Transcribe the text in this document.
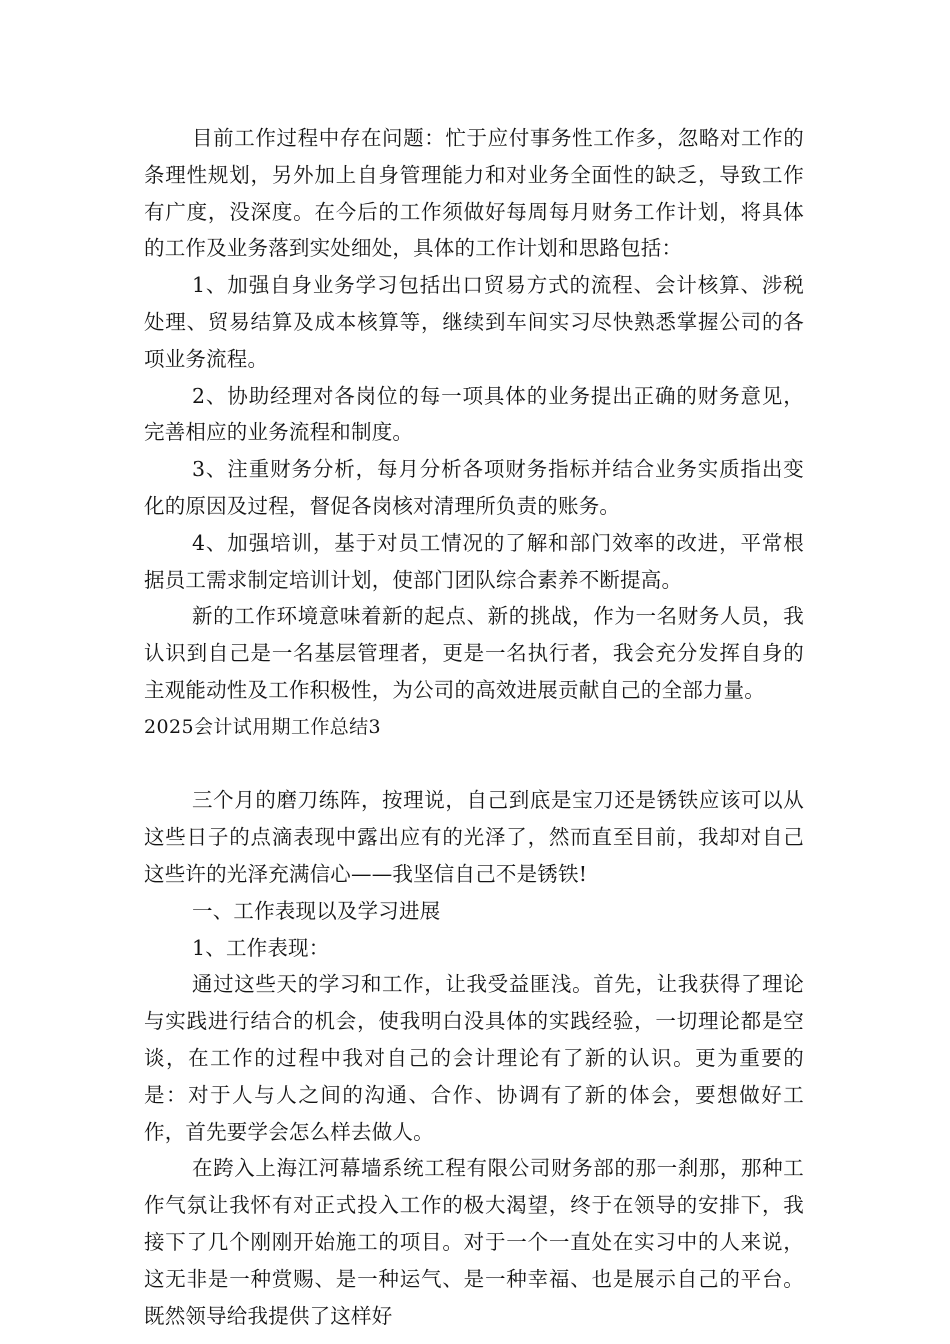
目前工作过程中存在问题：忙于应付事务性工作多，忽略对工作的条理性规划，另外加上自身管理能力和对业务全面性的缺乏，导致工作有广度，没深度。在今后的工作须做好每周每月财务工作计划，将具体的工作及业务落到实处细处，具体的工作计划和思路包括：

1、加强自身业务学习包括出口贸易方式的流程、会计核算、涉税处理、贸易结算及成本核算等，继续到车间实习尽快熟悉掌握公司的各项业务流程。

2、协助经理对各岗位的每一项具体的业务提出正确的财务意见，完善相应的业务流程和制度。

3、注重财务分析，每月分析各项财务指标并结合业务实质指出变化的原因及过程，督促各岗核对清理所负责的账务。

4、加强培训，基于对员工情况的了解和部门效率的改进，平常根据员工需求制定培训计划，使部门团队综合素养不断提高。

新的工作环境意味着新的起点、新的挑战，作为一名财务人员，我认识到自己是一名基层管理者，更是一名执行者，我会充分发挥自身的主观能动性及工作积极性，为公司的高效进展贡献自己的全部力量。

2025会计试用期工作总结3

三个月的磨刀练阵，按理说，自己到底是宝刀还是锈铁应该可以从这些日子的点滴表现中露出应有的光泽了，然而直至目前，我却对自己这些许的光泽充满信心——我坚信自己不是锈铁!

一、工作表现以及学习进展

1、工作表现：

通过这些天的学习和工作，让我受益匪浅。首先，让我获得了理论与实践进行结合的机会，使我明白没具体的实践经验，一切理论都是空谈，在工作的过程中我对自己的会计理论有了新的认识。更为重要的是：对于人与人之间的沟通、合作、协调有了新的体会，要想做好工作，首先要学会怎么样去做人。

在跨入上海江河幕墙系统工程有限公司财务部的那一刹那，那种工作气氛让我怀有对正式投入工作的极大渴望，终于在领导的安排下，我接下了几个刚刚开始施工的项目。对于一个一直处在实习中的人来说，这无非是一种赏赐、是一种运气、是一种幸福、也是展示自己的平台。既然领导给我提供了这样好
